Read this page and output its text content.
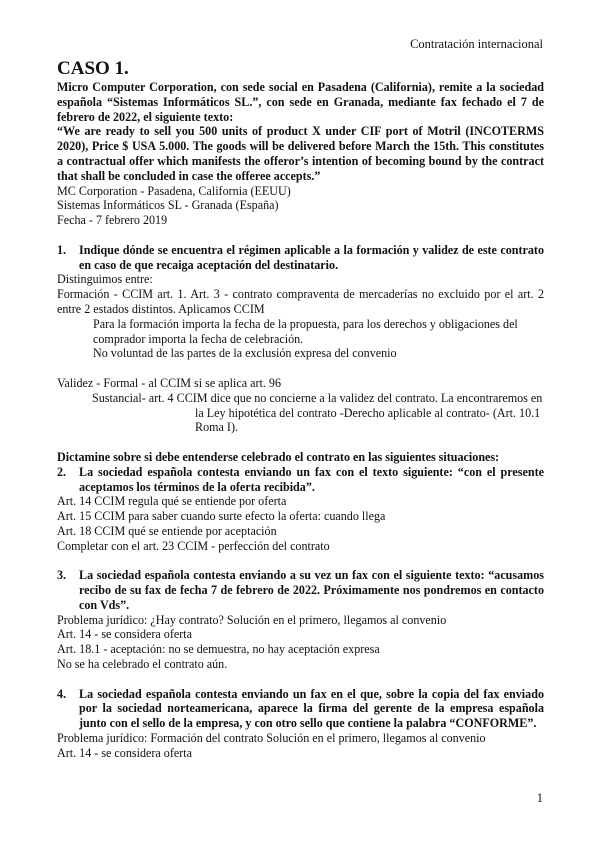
Contratación internacional
CASO 1.

Micro Computer Corporation, con sede social en Pasadena (California), remite a la sociedad española “Sistemas Informáticos SL.”, con sede en Granada, mediante fax fechado el 7 de febrero de 2022, el siguiente texto:

“We are ready to sell you 500 units of product X under CIF port of Motril (INCOTERMS 2020), Price $ USA 5.000. The goods will be delivered before March the 15th. This constitutes a contractual offer which manifests the offeror’s intention of becoming bound by the contract that shall be concluded in case the offeree accepts.”

MC Corporation - Pasadena, California (EEUU)

Sistemas Informáticos SL - Granada (España)

Fecha - 7 febrero 2019

1. Indique dónde se encuentra el régimen aplicable a la formación y validez de este contrato en caso de que recaiga aceptación del destinatario.

Distinguimos entre:

Formación - CCIM art. 1. Art. 3 - contrato compraventa de mercaderías no excluido por el art. 2 entre 2 estados distintos. Aplicamos CCIM

Para la formación importa la fecha de la propuesta, para los derechos y obligaciones del comprador importa la fecha de celebración.

No voluntad de las partes de la exclusión expresa del convenio

Validez - Formal - al CCIM si se aplica art. 96

Sustancial- art. 4 CCIM dice que no concierne a la validez del contrato. La encontraremos en la Ley hipotética del contrato -Derecho aplicable al contrato- (Art. 10.1 Roma I).

Dictamine sobre si debe entenderse celebrado el contrato en las siguientes situaciones:

2. La sociedad española contesta enviando un fax con el texto siguiente: “con el presente aceptamos los términos de la oferta recibida”.

Art. 14 CCIM regula qué se entiende por oferta

Art. 15 CCIM para saber cuando surte efecto la oferta: cuando llega

Art. 18 CCIM qué se entiende por aceptación

Completar con el art. 23 CCIM - perfección del contrato

3. La sociedad española contesta enviando a su vez un fax con el siguiente texto: “acusamos recibo de su fax de fecha 7 de febrero de 2022. Próximamente nos pondremos en contacto con Vds”.

Problema jurídico: ¿Hay contrato? Solución en el primero, llegamos al convenio

Art. 14 - se considera oferta

Art. 18.1 - aceptación: no se demuestra, no hay aceptación expresa

No se ha celebrado el contrato aún.

4. La sociedad española contesta enviando un fax en el que, sobre la copia del fax enviado por la sociedad norteamericana, aparece la firma del gerente de la empresa española junto con el sello de la empresa, y con otro sello que contiene la palabra “CONFORME”.

Problema jurídico: Formación del contrato Solución en el primero, llegamos al convenio

Art. 14 - se considera oferta

1
